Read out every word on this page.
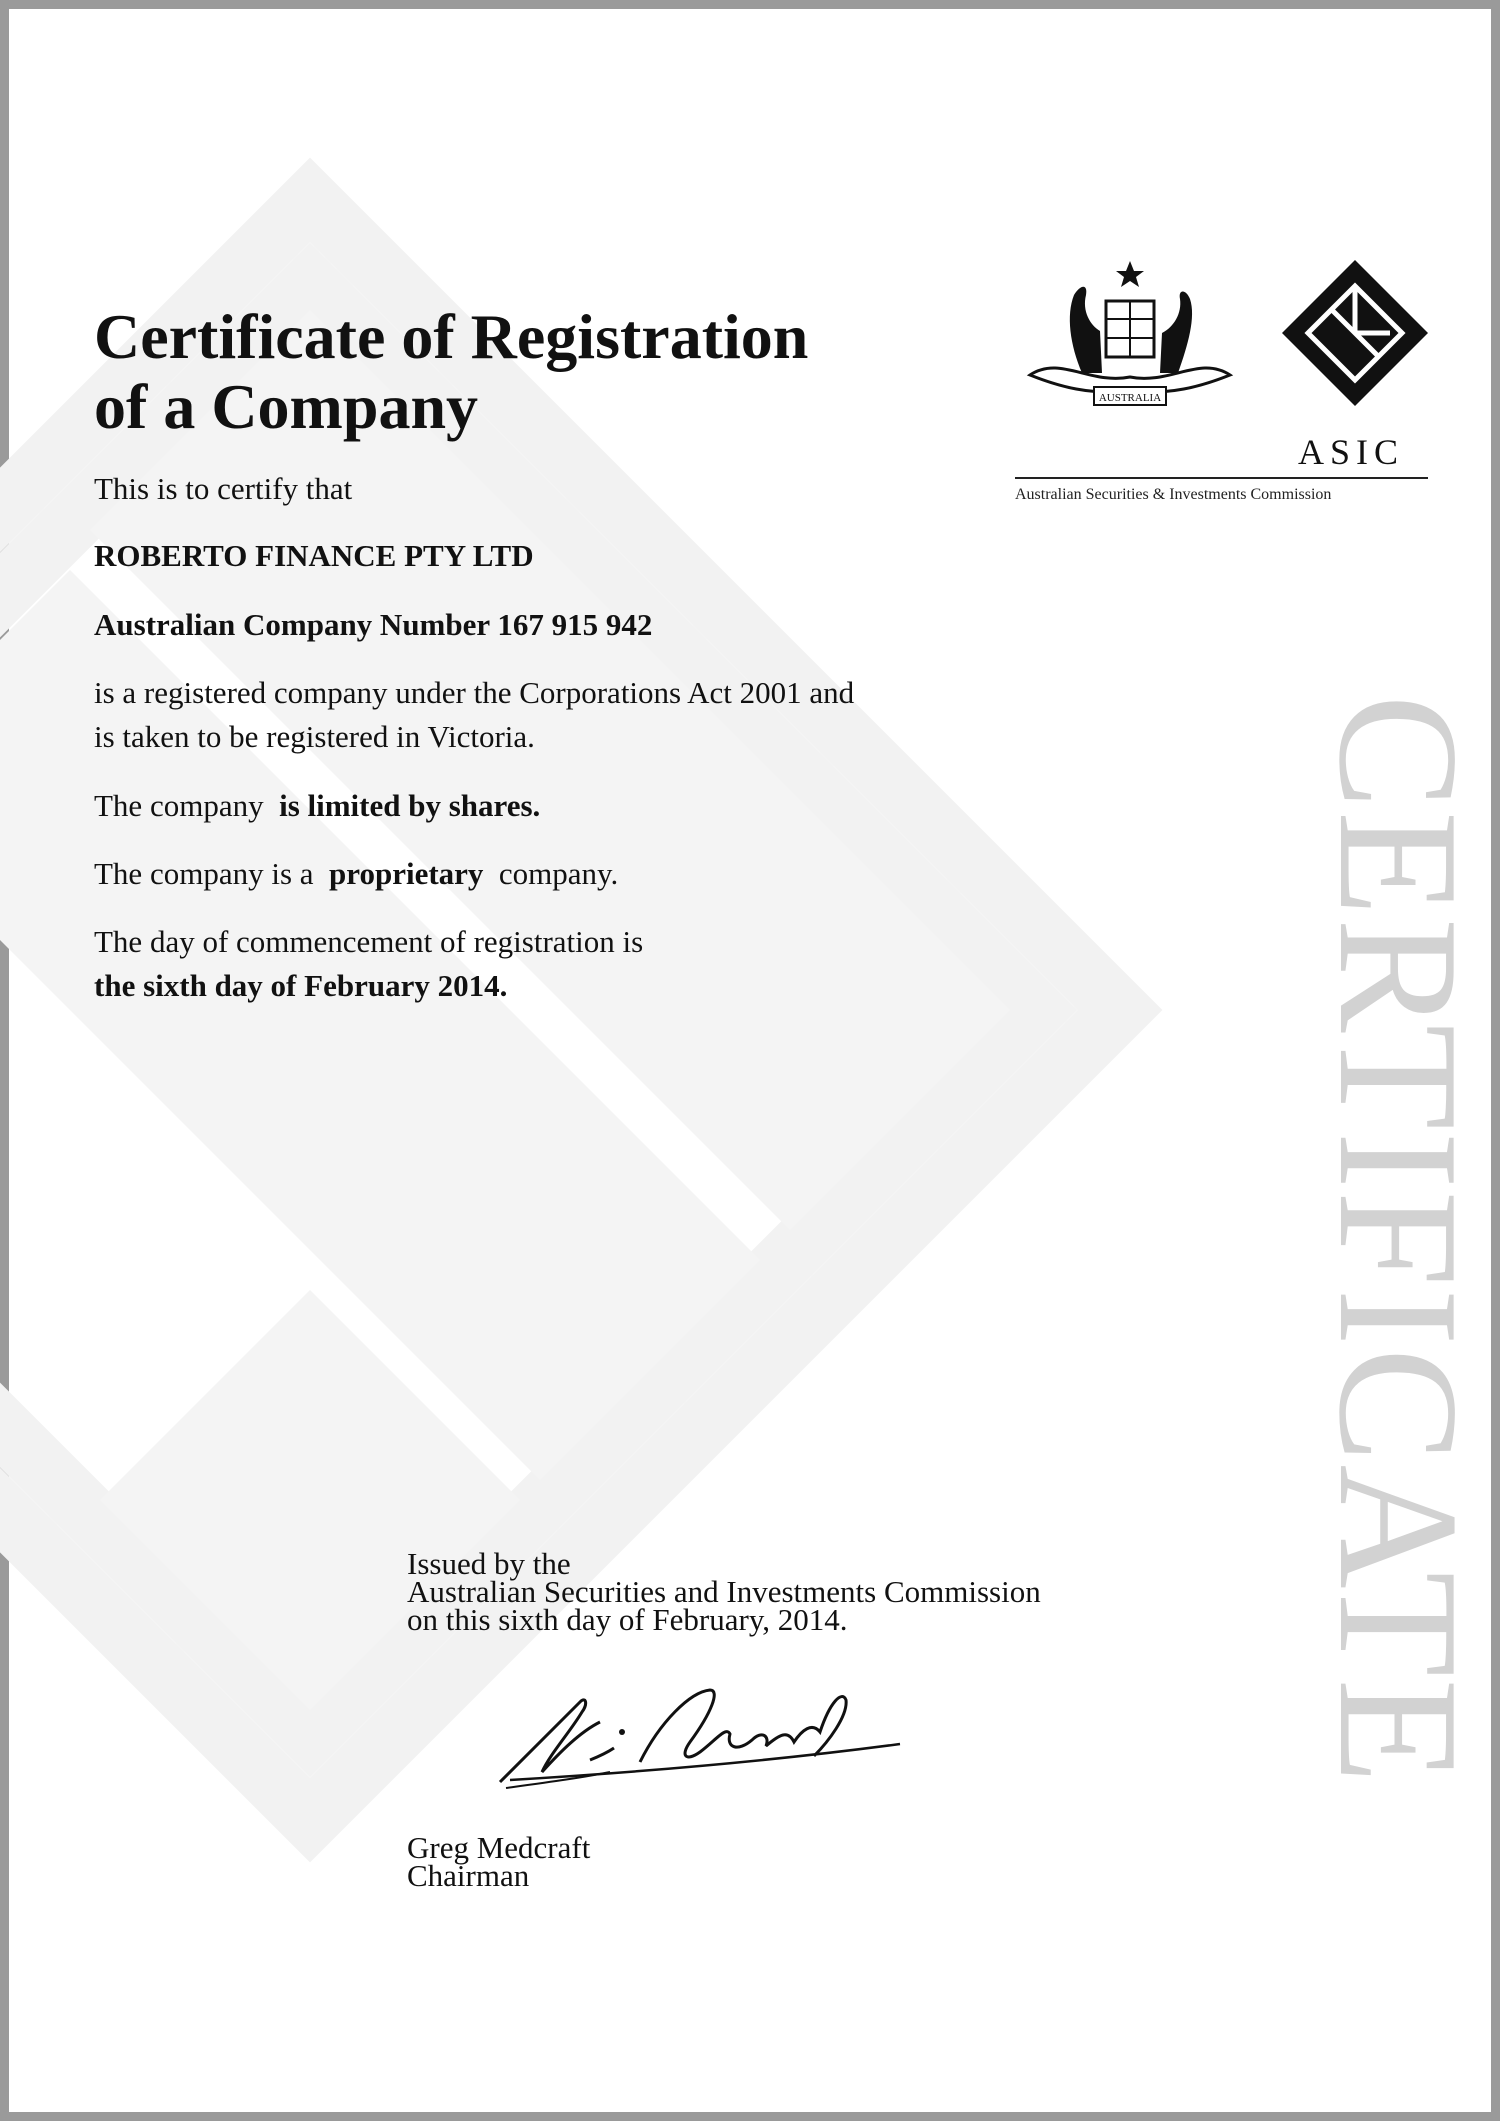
CERTIFICATE
AUSTRALIA
ASIC
Australian Securities & Investments Commission
Certificate of Registration
of a Company
This is to certify that
ROBERTO FINANCE PTY LTD
Australian Company Number 167 915 942
is a registered company under the Corporations Act 2001 and
is taken to be registered in Victoria.
The company is limited by shares.
The company is a proprietary company.
The day of commencement of registration is
the sixth day of February 2014.
Issued by the
Australian Securities and Investments Commission
on this sixth day of February, 2014.
Greg Medcraft
Chairman
